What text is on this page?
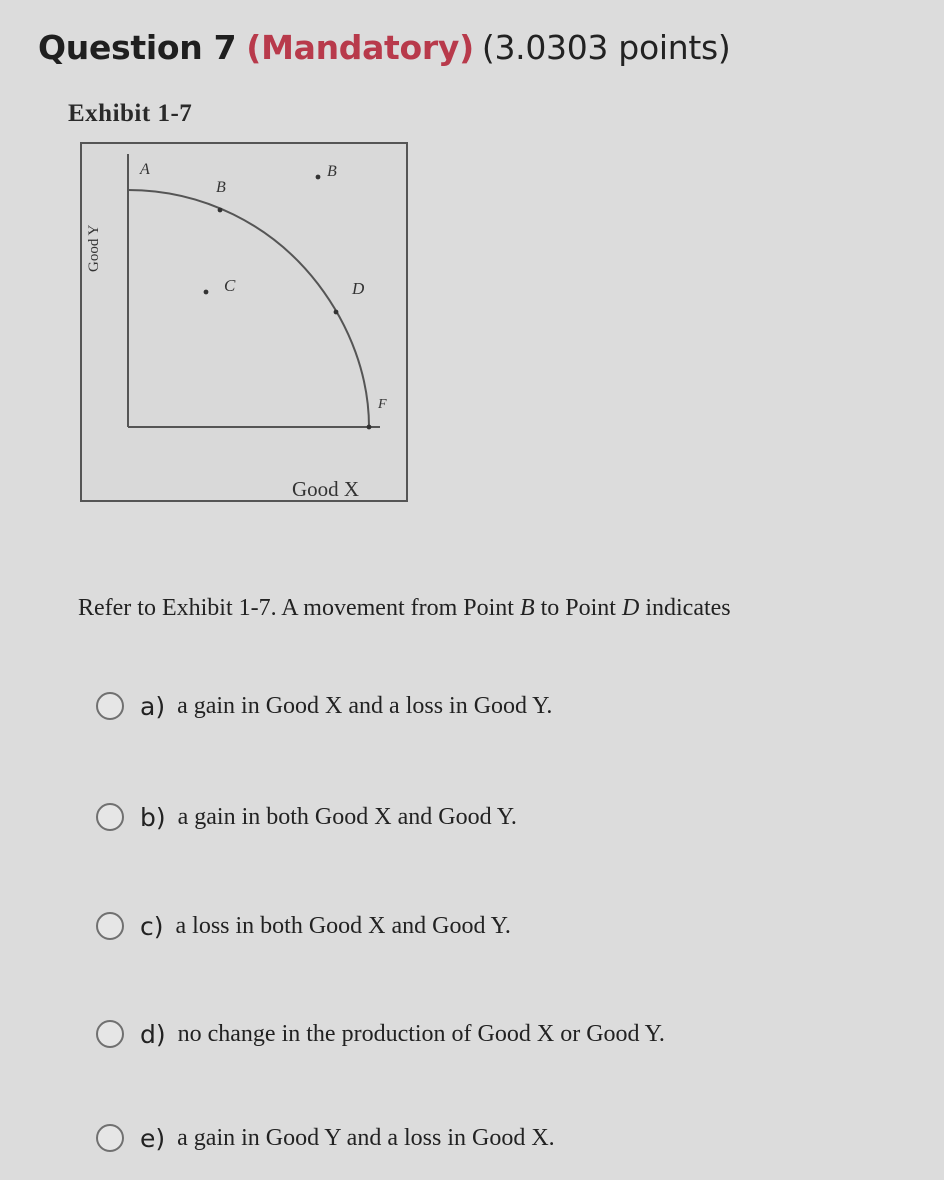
Question 7 (Mandatory) (3.0303 points)
Exhibit 1-7
A
B
B
C	D
F
Good X
Good Y
Refer to Exhibit 1-7. A movement from Point B to Point D indicates
a) a gain in Good X and a loss in Good Y.
b) a gain in both Good X and Good Y.
c) a loss in both Good X and Good Y.
d) no change in the production of Good X or Good Y.
e) a gain in Good Y and a loss in Good X.
